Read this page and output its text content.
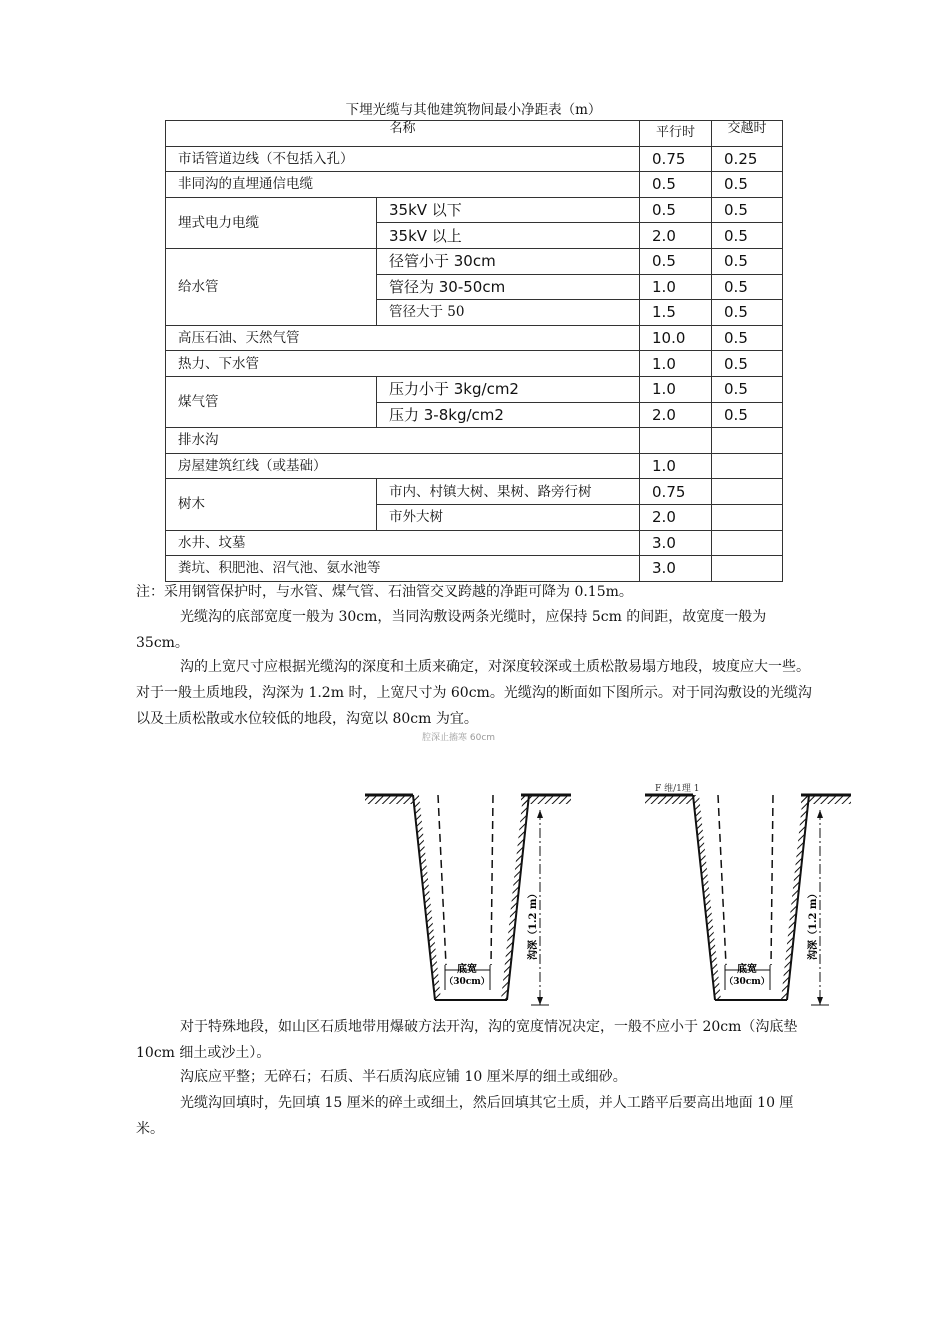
下埋光缆与其他建筑物间最小净距表（m）
名称		平行时	交越时
市话管道边线（不包括入孔）		0.75	0.25
非同沟的直埋通信电缆		0.5	0.5
埋式电力电缆	35kV 以下	0.5	0.5
	35kV 以上	2.0	0.5
给水管	径管小于 30cm	0.5	0.5
	管径为 30-50cm	1.0	0.5
	管径大于 50	1.5	0.5
高压石油、天然气管		10.0	0.5
热力、下水管		1.0	0.5
煤气管	压力小于 3kg/cm2	1.0	0.5
	压力 3-8kg/cm2	2.0	0.5
排水沟			
房屋建筑红线（或基础）		1.0	
树木	市内、村镇大树、果树、路旁行树	0.75	
	市外大树	2.0	
水井、坟墓		3.0	
粪坑、积肥池、沼气池、氨水池等		3.0	

注：采用钢管保护时，与水管、煤气管、石油管交叉跨越的净距可降为 0.15m。

光缆沟的底部宽度一般为 30cm，当同沟敷设两条光缆时，应保持 5cm 的间距，故宽度一般为 35cm。

沟的上宽尺寸应根据光缆沟的深度和土质来确定，对深度较深或土质松散易塌方地段，坡度应大一些。对于一般土质地段，沟深为 1.2m 时，上宽尺寸为 60cm。光缆沟的断面如下图所示。对于同沟敷设的光缆沟以及土质松散或水位较低的地段，沟宽以 80cm 为宜。

腔深止搐寒 60cm
底宽
（30cm）
沟深（1.2 m）
F 维/1理 1
底宽
（30cm）
沟深（1.2 m）

对于特殊地段，如山区石质地带用爆破方法开沟，沟的宽度情况决定，一般不应小于 20cm（沟底垫 10cm 细土或沙土）。

沟底应平整；无碎石；石质、半石质沟底应铺 10 厘米厚的细土或细砂。

光缆沟回填时，先回填 15 厘米的碎土或细土，然后回填其它土质，并人工踏平后要高出地面 10 厘米。
